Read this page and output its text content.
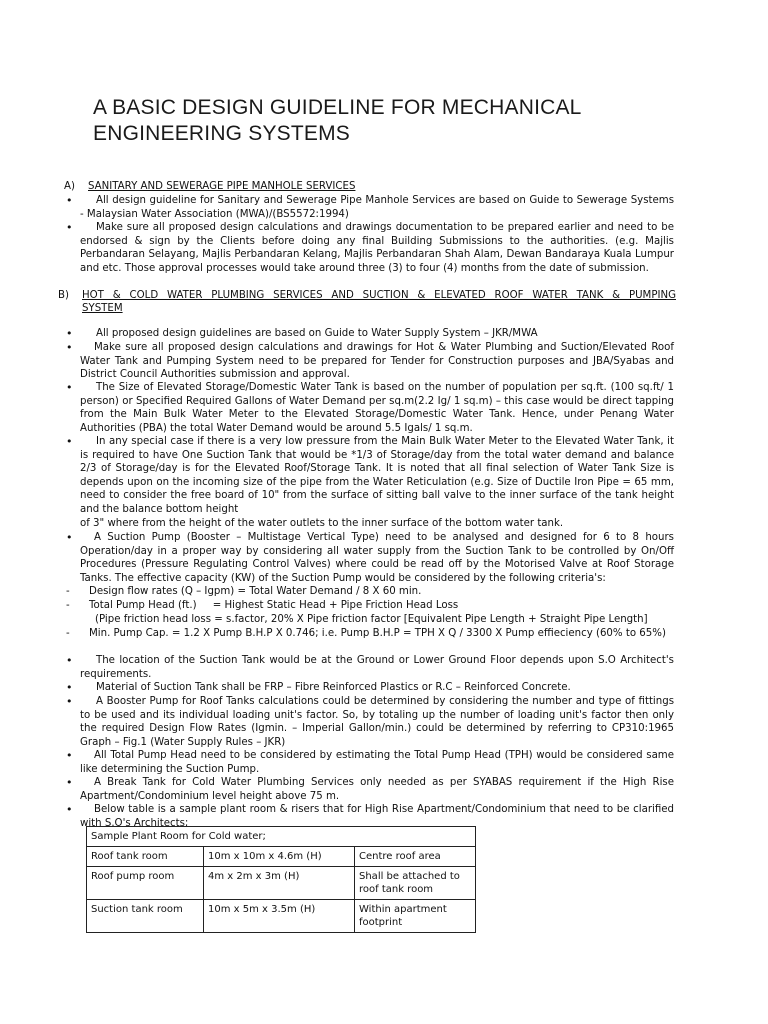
A BASIC DESIGN GUIDELINE FOR MECHANICAL
ENGINEERING SYSTEMS
A) SANITARY AND SEWERAGE PIPE MANHOLE SERVICES
•	All design guideline for Sanitary and Sewerage Pipe Manhole Services are based on Guide to Sewerage Systems - Malaysian Water Association (MWA)/(BS5572:1994)
•	Make sure all proposed design calculations and drawings documentation to be prepared earlier and need to be endorsed & sign by the Clients before doing any final Building Submissions to the authorities. (e.g. Majlis Perbandaran Selayang, Majlis Perbandaran Kelang, Majlis Perbandaran Shah Alam, Dewan Bandaraya Kuala Lumpur and etc. Those approval processes would take around three (3) to four (4) months from the date of submission.
B) HOT & COLD WATER PLUMBING SERVICES AND SUCTION & ELEVATED ROOF WATER TANK & PUMPING
SYSTEM
•	All proposed design guidelines are based on Guide to Water Supply System – JKR/MWA
•	Make sure all proposed design calculations and drawings for Hot & Water Plumbing and Suction/Elevated Roof Water Tank and Pumping System need to be prepared for Tender for Construction purposes and JBA/Syabas and District Council Authorities submission and approval.
•	The Size of Elevated Storage/Domestic Water Tank is based on the number of population per sq.ft. (100 sq.ft/ 1 person) or Specified Required Gallons of Water Demand per sq.m(2.2 Ig/ 1 sq.m) – this case would be direct tapping from the Main Bulk Water Meter to the Elevated Storage/Domestic Water Tank. Hence, under Penang Water Authorities (PBA) the total Water Demand would be around 5.5 Igals/ 1 sq.m.
•	In any special case if there is a very low pressure from the Main Bulk Water Meter to the Elevated Water Tank, it is required to have One Suction Tank that would be *1/3 of Storage/day from the total water demand and balance 2/3 of Storage/day is for the Elevated Roof/Storage Tank. It is noted that all final selection of Water Tank Size is depends upon on the incoming size of the pipe from the Water Reticulation (e.g. Size of Ductile Iron Pipe = 65 mm, need to consider the free board of 10" from the surface of sitting ball valve to the inner surface of the tank height and the balance bottom height
of 3" where from the height of the water outlets to the inner surface of the bottom water tank.
•	A Suction Pump (Booster – Multistage Vertical Type) need to be analysed and designed for 6 to 8 hours Operation/day in a proper way by considering all water supply from the Suction Tank to be controlled by On/Off Procedures (Pressure Regulating Control Valves) where could be read off by the Motorised Valve at Roof Storage Tanks. The effective capacity (KW) of the Suction Pump would be considered by the following criteria's:
- Design flow rates (Q – Igpm) = Total Water Demand / 8 X 60 min.
- Total Pump Head (ft.)     = Highest Static Head + Pipe Friction Head Loss
(Pipe friction head loss = s.factor, 20% X Pipe friction factor [Equivalent Pipe Length + Straight Pipe Length]
- Min. Pump Cap. = 1.2 X Pump B.H.P X 0.746; i.e. Pump B.H.P = TPH X Q / 3300 X Pump effieciency (60% to 65%)
•	The location of the Suction Tank would be at the Ground or Lower Ground Floor depends upon S.O Architect's requirements.
•	Material of Suction Tank shall be FRP – Fibre Reinforced Plastics or R.C – Reinforced Concrete.
•	A Booster Pump for Roof Tanks calculations could be determined by considering the number and type of fittings to be used and its individual loading unit's factor. So, by totaling up the number of loading unit's factor then only the required Design Flow Rates (Igmin. – Imperial Gallon/min.) could be determined by referring to CP310:1965 Graph – Fig.1 (Water Supply Rules – JKR)
•	All Total Pump Head need to be considered by estimating the Total Pump Head (TPH) would be considered same like determining the Suction Pump.
•	A Break Tank for Cold Water Plumbing Services only needed as per SYABAS requirement if the High Rise Apartment/Condominium level height above 75 m.
•	Below table is a sample plant room & risers that for High Rise Apartment/Condominium that need to be clarified with S.O's Architects;
Sample Plant Room for Cold water;		
Roof tank room	10m x 10m x 4.6m (H)	Centre roof area
Roof pump room	4m x 2m x 3m (H)	Shall be attached to roof tank room
Suction tank room	10m x 5m x 3.5m (H)	Within apartment footprint
